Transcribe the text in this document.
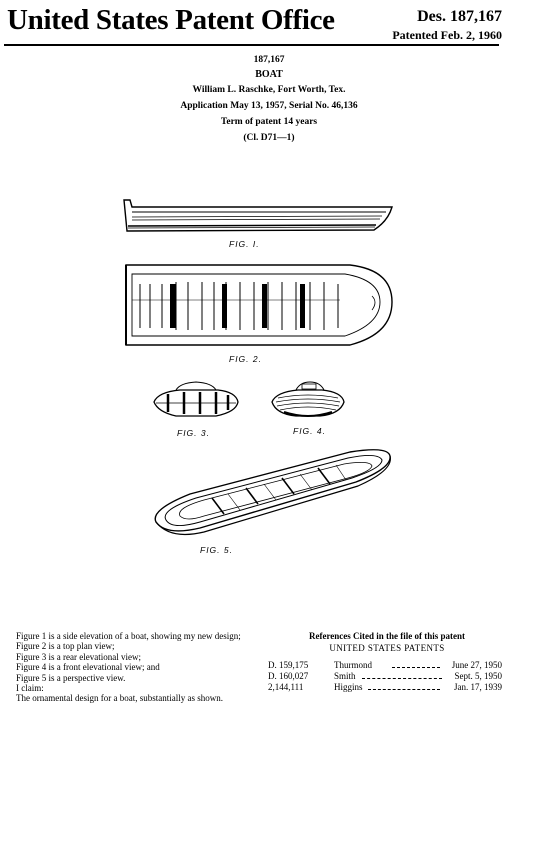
United States Patent Office	Des. 187,167
Patented Feb. 2, 1960
187,167
BOAT
William L. Raschke, Fort Worth, Tex.
Application May 13, 1957, Serial No. 46,136
Term of patent 14 years
(Cl. D71—1)
FIG. I.
FIG. 2.
FIG. 3.	FIG. 4.
FIG. 5.

Figure 1 is a side elevation of a boat, showing my new design;

Figure 2 is a top plan view;

Figure 3 is a rear elevational view;

Figure 4 is a front elevational view; and

Figure 5 is a perspective view.

I claim:

The ornamental design for a boat, substantially as shown.

References Cited in the file of this patent
UNITED STATES PATENTS
D. 159,175	Thurmond	June 27, 1950
D. 160,027	Smith	Sept. 5, 1950
2,144,111	Higgins	Jan. 17, 1939
